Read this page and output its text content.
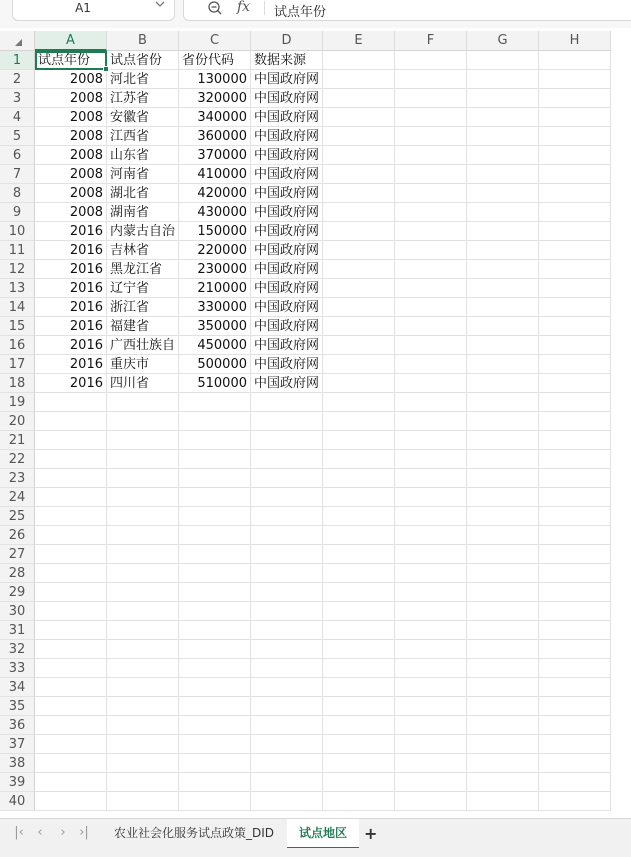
A1	fx 试点年份
A	B	C	D	E	F	G	H
1
2
3
4
5
6
7
8
9
10
11
12
13
14
15
16
17
18
19
20
21
22
23
24
25
26
27
28
29
30
31
32
33
34
35
36
37
38
39
40
试点年份	试点省份	省份代码	数据来源
2008 河北省	130000 中国政府网
2008 江苏省	320000 中国政府网
2008 安徽省	340000 中国政府网
2008 江西省	360000 中国政府网
2008 山东省	370000 中国政府网
2008 河南省	410000 中国政府网
2008 湖北省	420000 中国政府网
2008 湖南省	430000 中国政府网
2016 内蒙古自治	150000 中国政府网
2016 吉林省	220000 中国政府网
2016 黑龙江省	230000 中国政府网
2016 辽宁省	210000 中国政府网
2016 浙江省	330000 中国政府网
2016 福建省	350000 中国政府网
2016 广西壮族自	450000 中国政府网
2016 重庆市	500000 中国政府网
2016 四川省	510000 中国政府网
|‹	‹	›	›| 农业社会化服务试点政策_DID	试点地区	+
